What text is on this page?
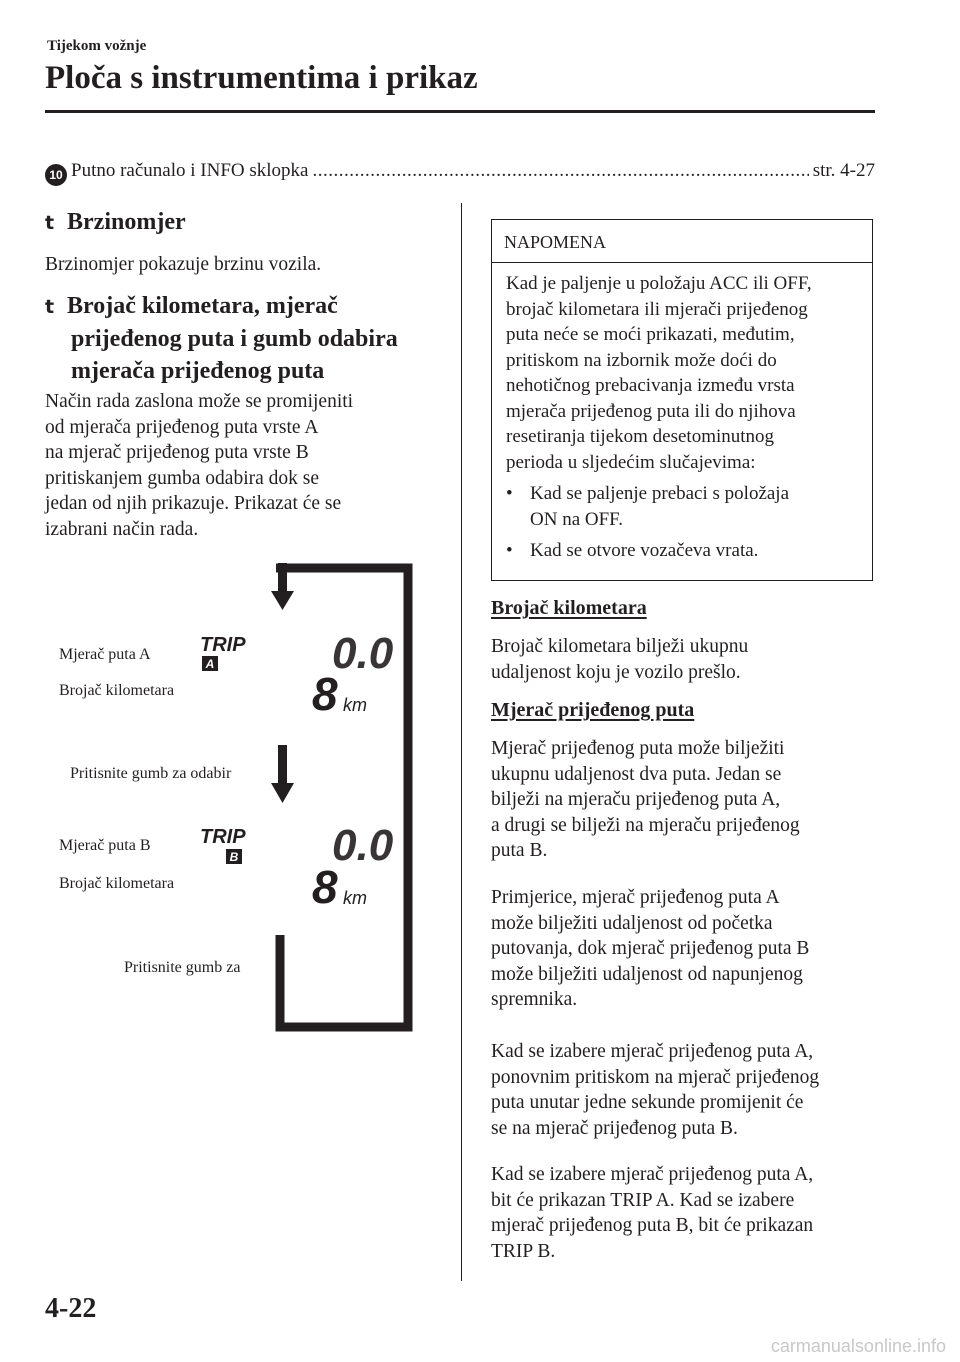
Tijekom vožnje
Ploča s instrumentima i prikaz
10 Putno računalo i INFO sklopka
.....	str. 4-27
t Brzinomjer
Brzinomjer pokazuje brzinu vozila.
t Brojač kilometara, mjerač
prijeđenog puta i gumb odabira
mjerača prijeđenog puta
Način rada zaslona može se promijeniti
od mjerača prijeđenog puta vrste A
na mjerač prijeđenog puta vrste B
pritiskanjem gumba odabira dok se
jedan od njih prikazuje. Prikazat će se
izabrani način rada.
Mjerač puta A
Brojač kilometara
Pritisnite gumb za odabir
Mjerač puta B
Brojač kilometara
Pritisnite gumb za
TRIP
A	0.0
8 km
TRIP
B 0.0
8 km
NAPOMENA
Kad je paljenje u položaju ACC ili OFF,
brojač kilometara ili mjerači prijeđenog
puta neće se moći prikazati, međutim,
pritiskom na izbornik može doći do
nehotičnog prebacivanja između vrsta
mjerača prijeđenog puta ili do njihova
resetiranja tijekom desetominutnog
perioda u sljedećim slučajevima:
• Kad se paljenje prebaci s položaja
ON na OFF.
• Kad se otvore vozačeva vrata.
Brojač kilometara
Brojač kilometara bilježi ukupnu
udaljenost koju je vozilo prešlo.
Mjerač prijeđenog puta
Mjerač prijeđenog puta može bilježiti
ukupnu udaljenost dva puta. Jedan se
bilježi na mjeraču prijeđenog puta A,
a drugi se bilježi na mjeraču prijeđenog
puta B.
Primjerice, mjerač prijeđenog puta A
može bilježiti udaljenost od početka
putovanja, dok mjerač prijeđenog puta B
može bilježiti udaljenost od napunjenog
spremnika.
Kad se izabere mjerač prijeđenog puta A,
ponovnim pritiskom na mjerač prijeđenog
puta unutar jedne sekunde promijenit će
se na mjerač prijeđenog puta B.
Kad se izabere mjerač prijeđenog puta A,
bit će prikazan TRIP A. Kad se izabere
mjerač prijeđenog puta B, bit će prikazan
TRIP B.
4-22
carmanualsonline.info
